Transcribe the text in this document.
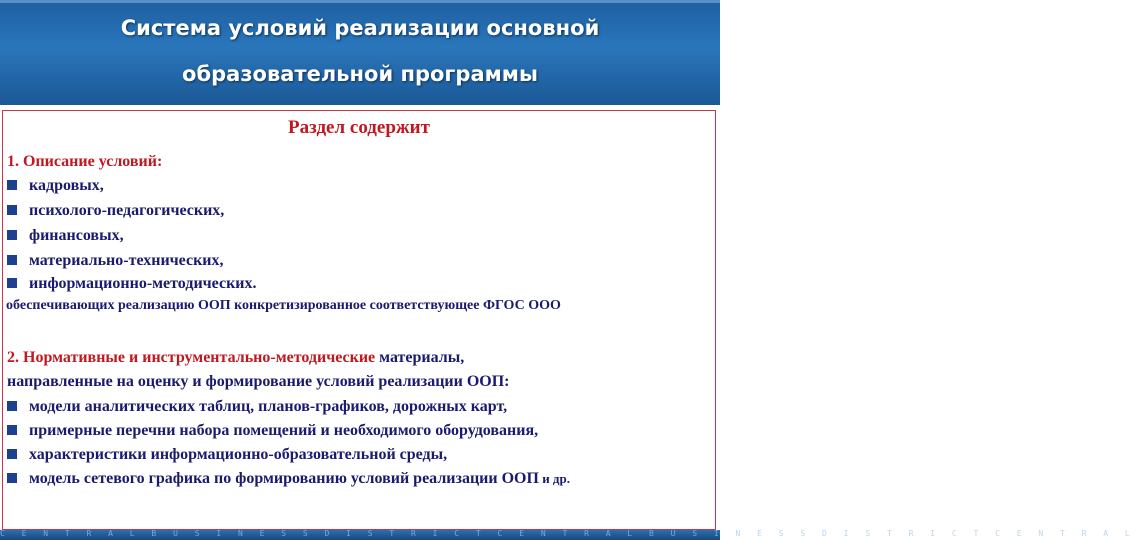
Система условий реализации основной
образовательной программы
Раздел содержит
1. Описание условий:
кадровых,
психолого-педагогических,
финансовых,
материально-технических,
информационно-методических.
обеспечивающих реализацию ООП конкретизированное соответствующее ФГОС ООО
2. Нормативные и инструментально-методические материалы,
направленные на оценку и формирование условий реализации ООП:
модели аналитических таблиц, планов-графиков, дорожных карт,
примерные перечни набора помещений и необходимого оборудования,
характеристики информационно-образовательной среды,
модель сетевого графика по формированию условий реализации ООП и др.
C E N T R A L B U S I N E S S D I S T R I C T C E N T R A L B U S I N E S S D I S T R I C T C E N T R A L
